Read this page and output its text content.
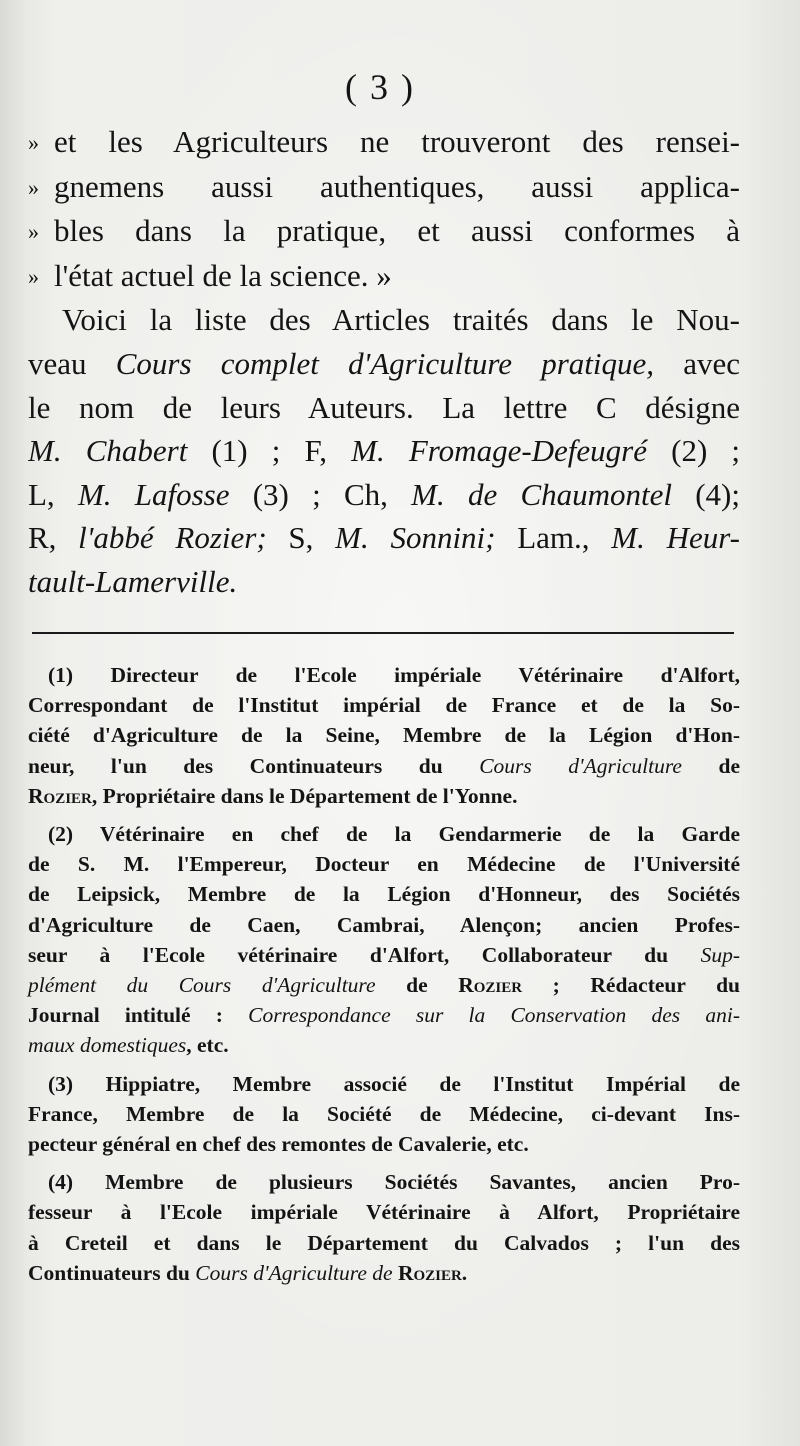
( 3 )
» et les Agriculteurs ne trouveront des rensei-
» gnemens aussi authentiques, aussi applica-
» bles dans la pratique, et aussi conformes à
» l'état actuel de la science. »
Voici la liste des Articles traités dans le Nou-
veau Cours complet d'Agriculture pratique, avec
le nom de leurs Auteurs. La lettre C désigne
M. Chabert (1) ; F, M. Fromage-Defeugré (2) ;
L, M. Lafosse (3) ; Ch, M. de Chaumontel (4);
R, l'abbé Rozier; S, M. Sonnini; Lam., M. Heur-
tault-Lamerville.
(1) Directeur de l'Ecole impériale Vétérinaire d'Alfort,
Correspondant de l'Institut impérial de France et de la So-
ciété d'Agriculture de la Seine, Membre de la Légion d'Hon-
neur, l'un des Continuateurs du Cours d'Agriculture de
Rozier, Propriétaire dans le Département de l'Yonne.
(2) Vétérinaire en chef de la Gendarmerie de la Garde
de S. M. l'Empereur, Docteur en Médecine de l'Université
de Leipsick, Membre de la Légion d'Honneur, des Sociétés
d'Agriculture de Caen, Cambrai, Alençon; ancien Profes-
seur à l'Ecole vétérinaire d'Alfort, Collaborateur du Sup-
plément du Cours d'Agriculture de Rozier ; Rédacteur du
Journal intitulé : Correspondance sur la Conservation des ani-
maux domestiques, etc.
(3) Hippiatre, Membre associé de l'Institut Impérial de
France, Membre de la Société de Médecine, ci-devant Ins-
pecteur général en chef des remontes de Cavalerie, etc.
(4) Membre de plusieurs Sociétés Savantes, ancien Pro-
fesseur à l'Ecole impériale Vétérinaire à Alfort, Propriétaire
à Creteil et dans le Département du Calvados ; l'un des
Continuateurs du Cours d'Agriculture de Rozier.
